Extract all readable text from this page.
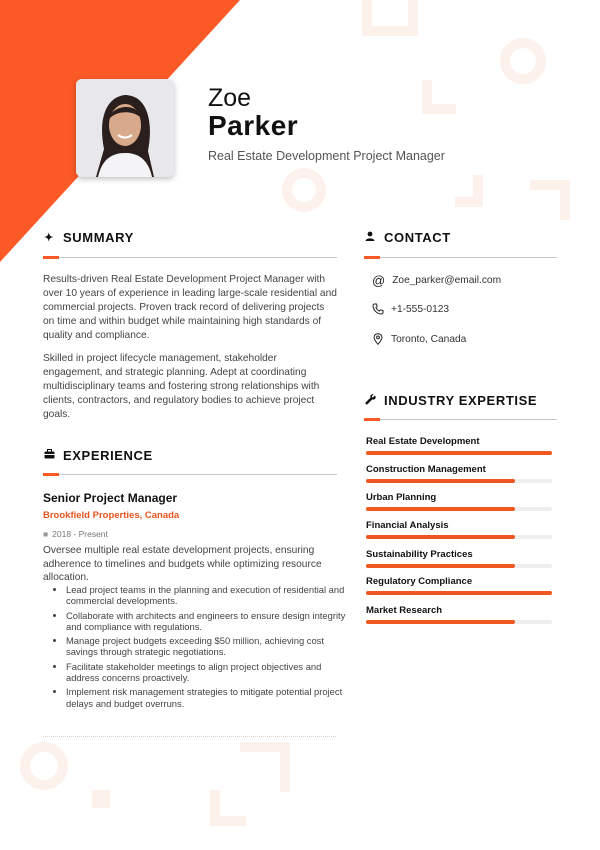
Zoe
Parker
Real Estate Development Project Manager
✦ SUMMARY

Results-driven Real Estate Development Project Manager with over 10 years of experience in leading large-scale residential and commercial projects. Proven track record of delivering projects on time and within budget while maintaining high standards of quality and compliance.

Skilled in project lifecycle management, stakeholder engagement, and strategic planning. Adept at coordinating multidisciplinary teams and fostering strong relationships with clients, contractors, and regulatory bodies to achieve project goals.

EXPERIENCE
Senior Project Manager
Brookfield Properties, Canada
■ 2018 - Present

Oversee multiple real estate development projects, ensuring adherence to timelines and budgets while optimizing resource allocation.

• Lead project teams in the planning and execution of residential and commercial developments.
• Collaborate with architects and engineers to ensure design integrity and compliance with regulations.
• Manage project budgets exceeding $50 million, achieving cost savings through strategic negotiations.
• Facilitate stakeholder meetings to align project objectives and address concerns proactively.
• Implement risk management strategies to mitigate potential project delays and budget overruns.
CONTACT
@ Zoe_parker@email.com
+1-555-0123
Toronto, Canada
INDUSTRY EXPERTISE
Real Estate Development
Construction Management
Urban Planning
Financial Analysis
Sustainability Practices
Regulatory Compliance
Market Research
